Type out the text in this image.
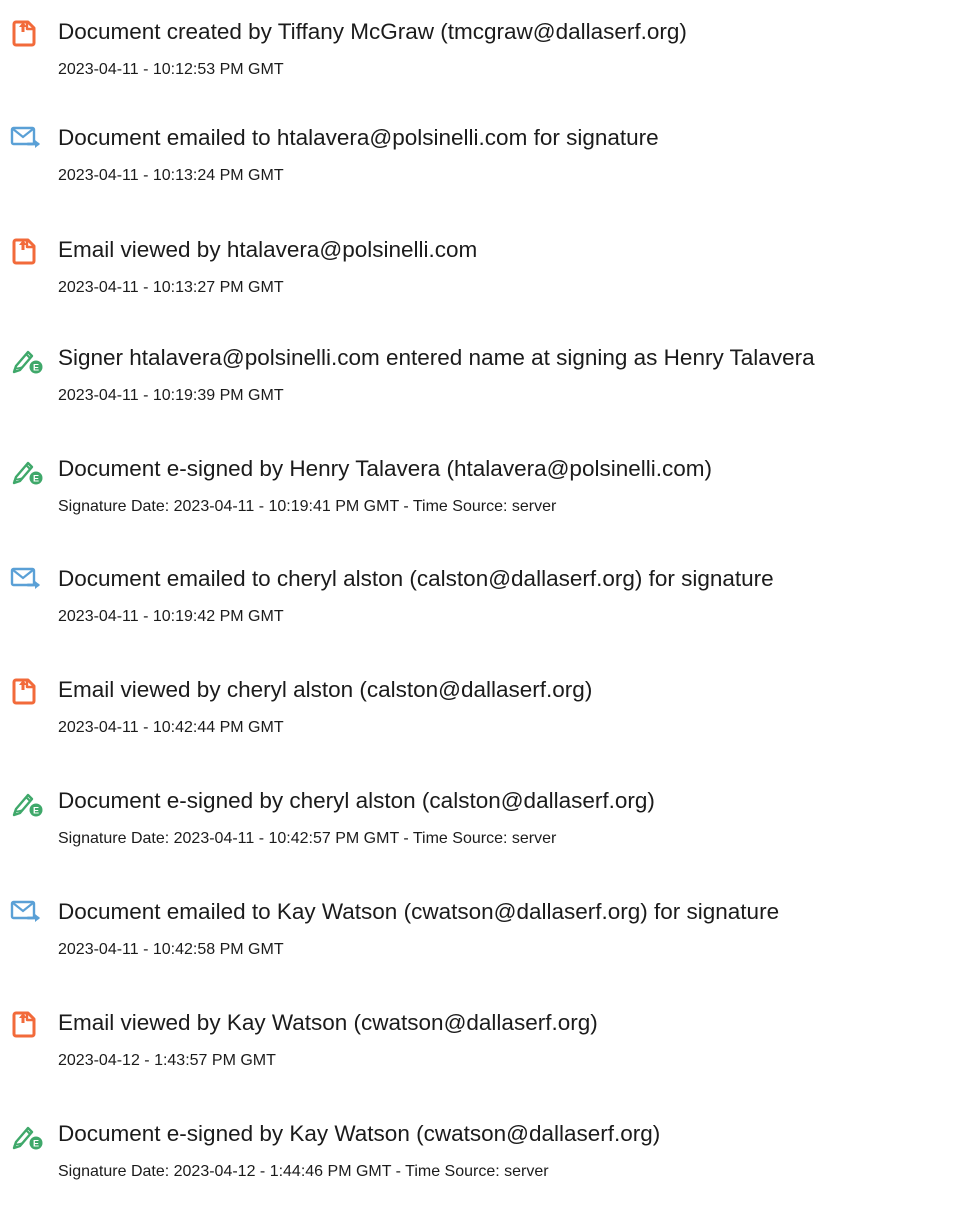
Document created by Tiffany McGraw (tmcgraw@dallaserf.org)
2023-04-11 - 10:12:53 PM GMT
Document emailed to htalavera@polsinelli.com for signature
2023-04-11 - 10:13:24 PM GMT
Email viewed by htalavera@polsinelli.com
2023-04-11 - 10:13:27 PM GMT
E Signer htalavera@polsinelli.com entered name at signing as Henry Talavera
2023-04-11 - 10:19:39 PM GMT
E Document e-signed by Henry Talavera (htalavera@polsinelli.com)
Signature Date: 2023-04-11 - 10:19:41 PM GMT - Time Source: server
Document emailed to cheryl alston (calston@dallaserf.org) for signature
2023-04-11 - 10:19:42 PM GMT
Email viewed by cheryl alston (calston@dallaserf.org)
2023-04-11 - 10:42:44 PM GMT
E Document e-signed by cheryl alston (calston@dallaserf.org)
Signature Date: 2023-04-11 - 10:42:57 PM GMT - Time Source: server
Document emailed to Kay Watson (cwatson@dallaserf.org) for signature
2023-04-11 - 10:42:58 PM GMT
Email viewed by Kay Watson (cwatson@dallaserf.org)
2023-04-12 - 1:43:57 PM GMT
E Document e-signed by Kay Watson (cwatson@dallaserf.org)
Signature Date: 2023-04-12 - 1:44:46 PM GMT - Time Source: server
